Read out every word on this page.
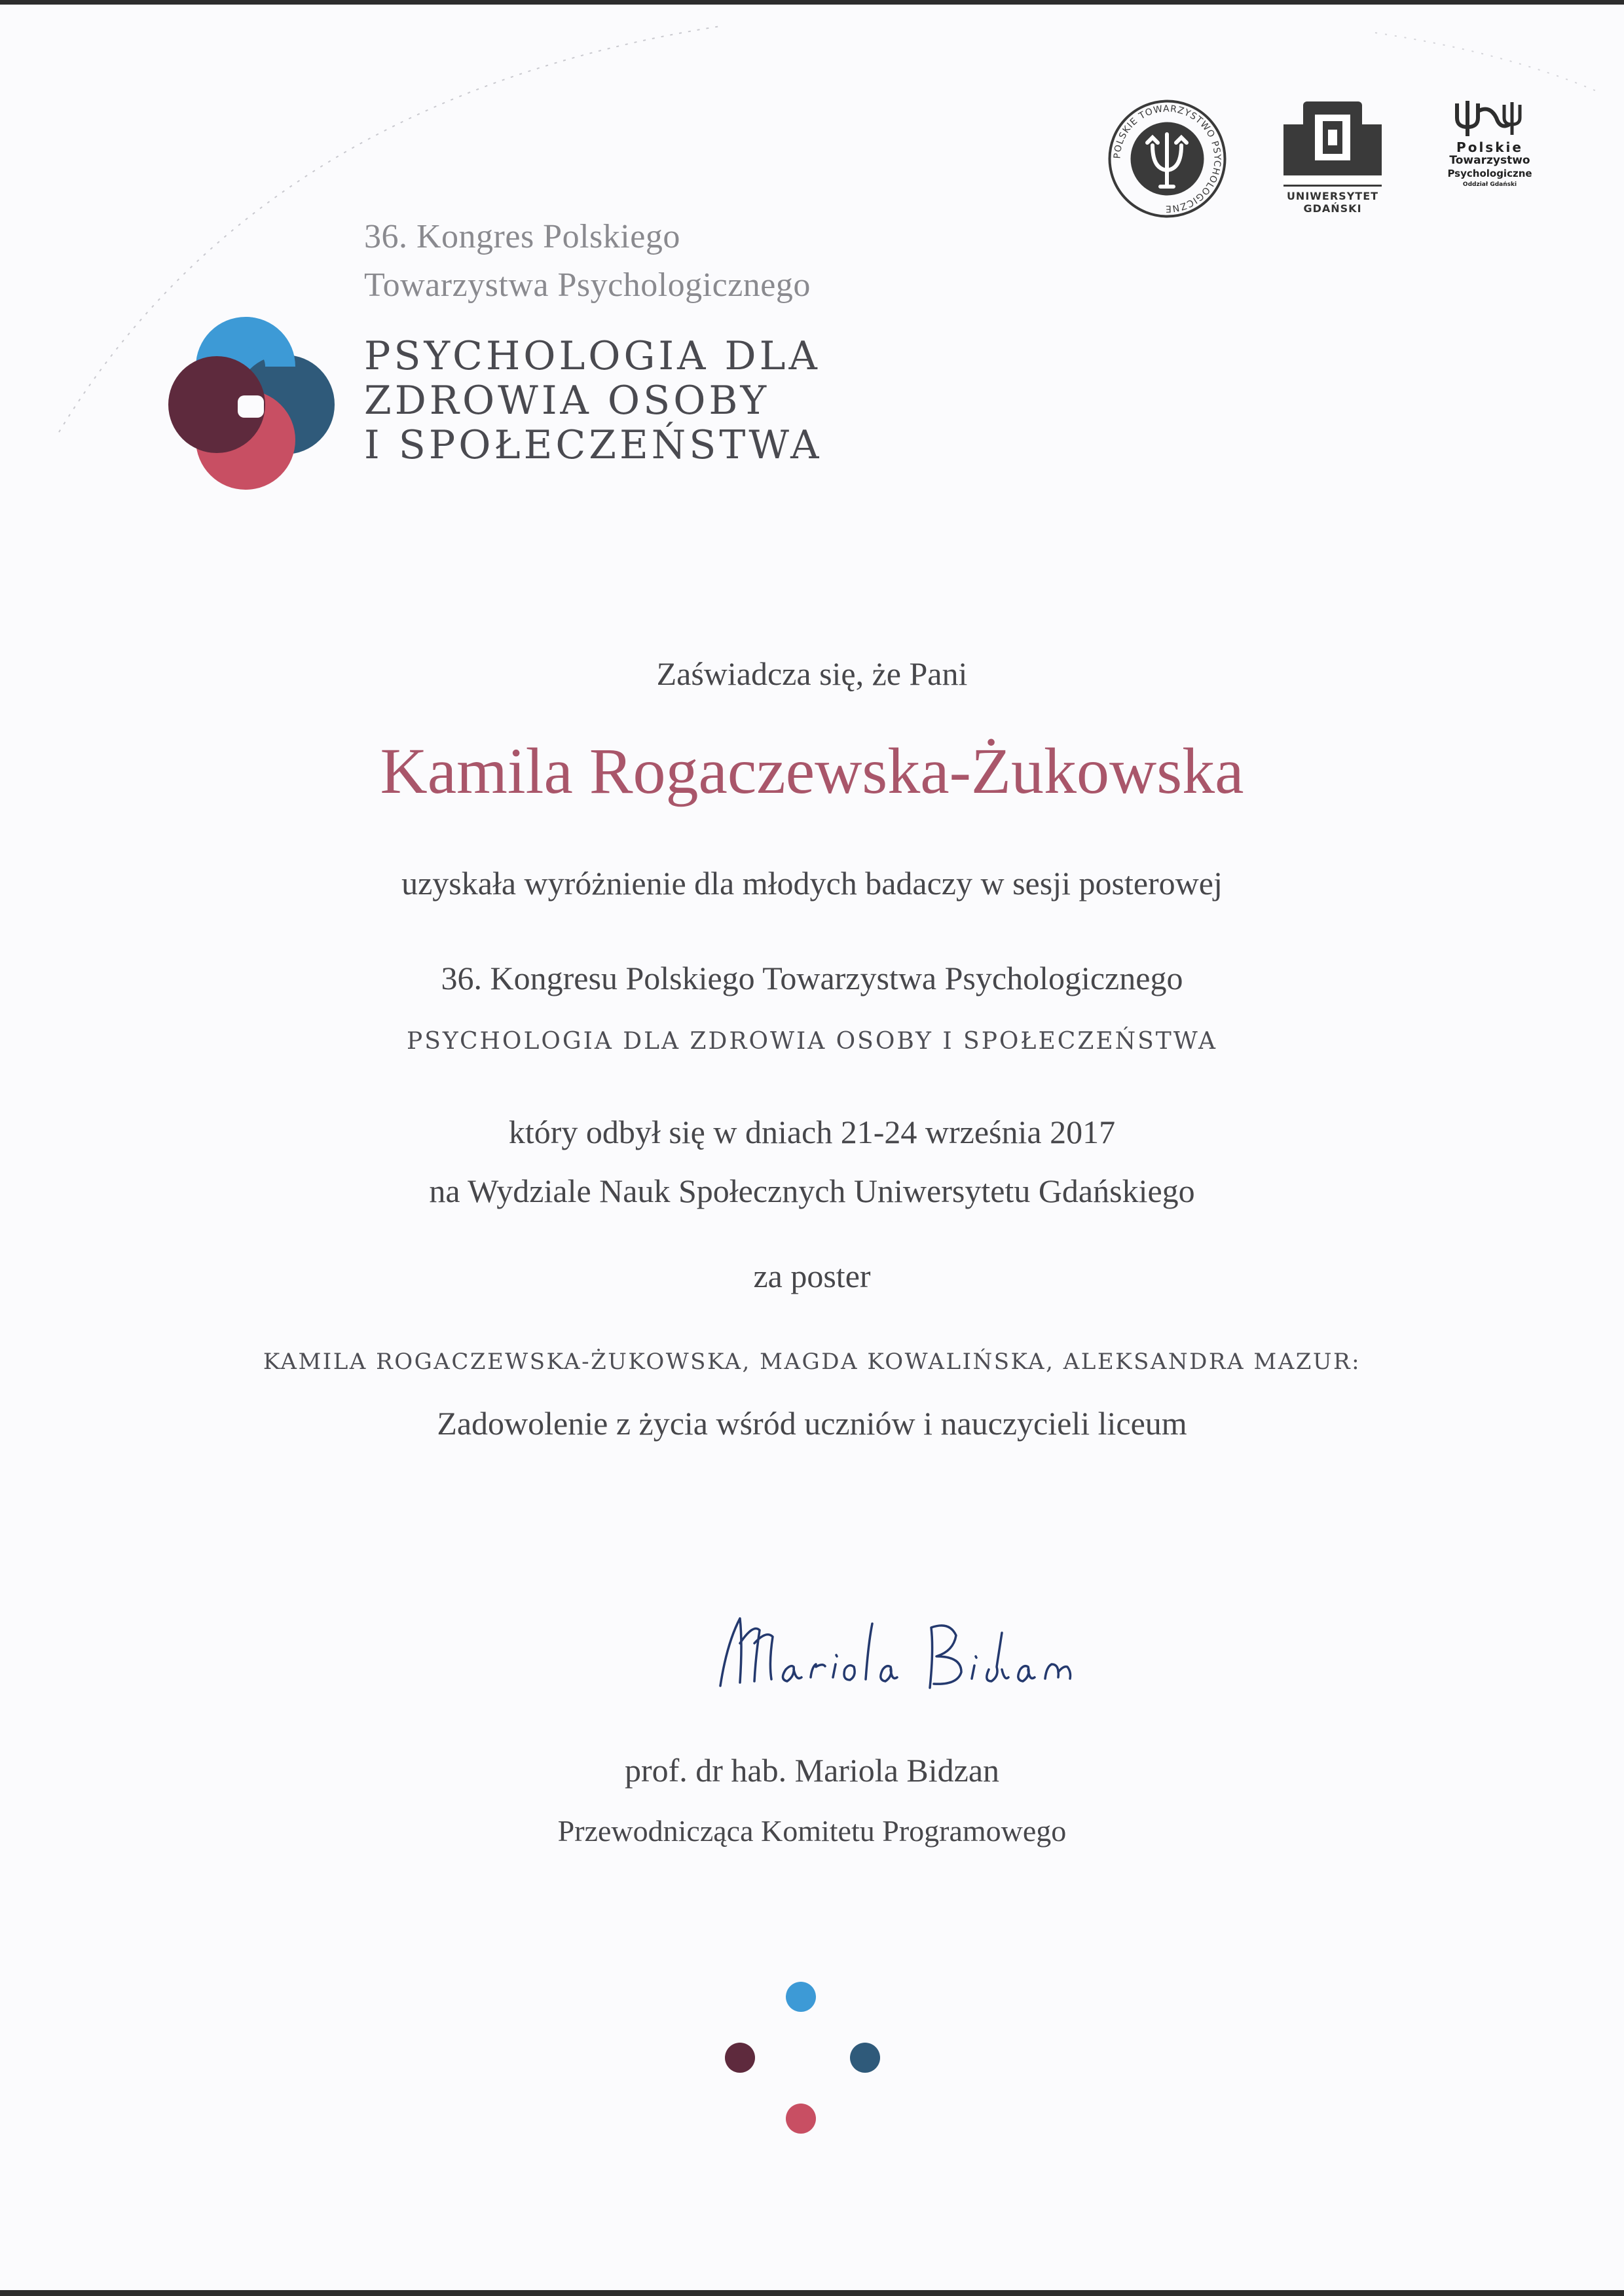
POLSKIE TOWARZYSTWO PSYCHOLOGICZNE
UNIWERSYTET GDAŃSKI
Polskie
Towarzystwo
Psychologiczne
Oddział Gdański
36. Kongres Polskiego
Towarzystwa Psychologicznego
PSYCHOLOGIA DLA
ZDROWIA OSOBY
I SPOŁECZEŃSTWA
Zaświadcza się, że Pani
Kamila Rogaczewska-Żukowska
uzyskała wyróżnienie dla młodych badaczy w sesji posterowej
36. Kongresu Polskiego Towarzystwa Psychologicznego
PSYCHOLOGIA DLA ZDROWIA OSOBY I SPOŁECZEŃSTWA
który odbył się w dniach 21-24 września 2017
na Wydziale Nauk Społecznych Uniwersytetu Gdańskiego
za poster
KAMILA ROGACZEWSKA-ŻUKOWSKA, MAGDA KOWALIŃSKA, ALEKSANDRA MAZUR:
Zadowolenie z życia wśród uczniów i nauczycieli liceum
prof. dr hab. Mariola Bidzan
Przewodnicząca Komitetu Programowego
